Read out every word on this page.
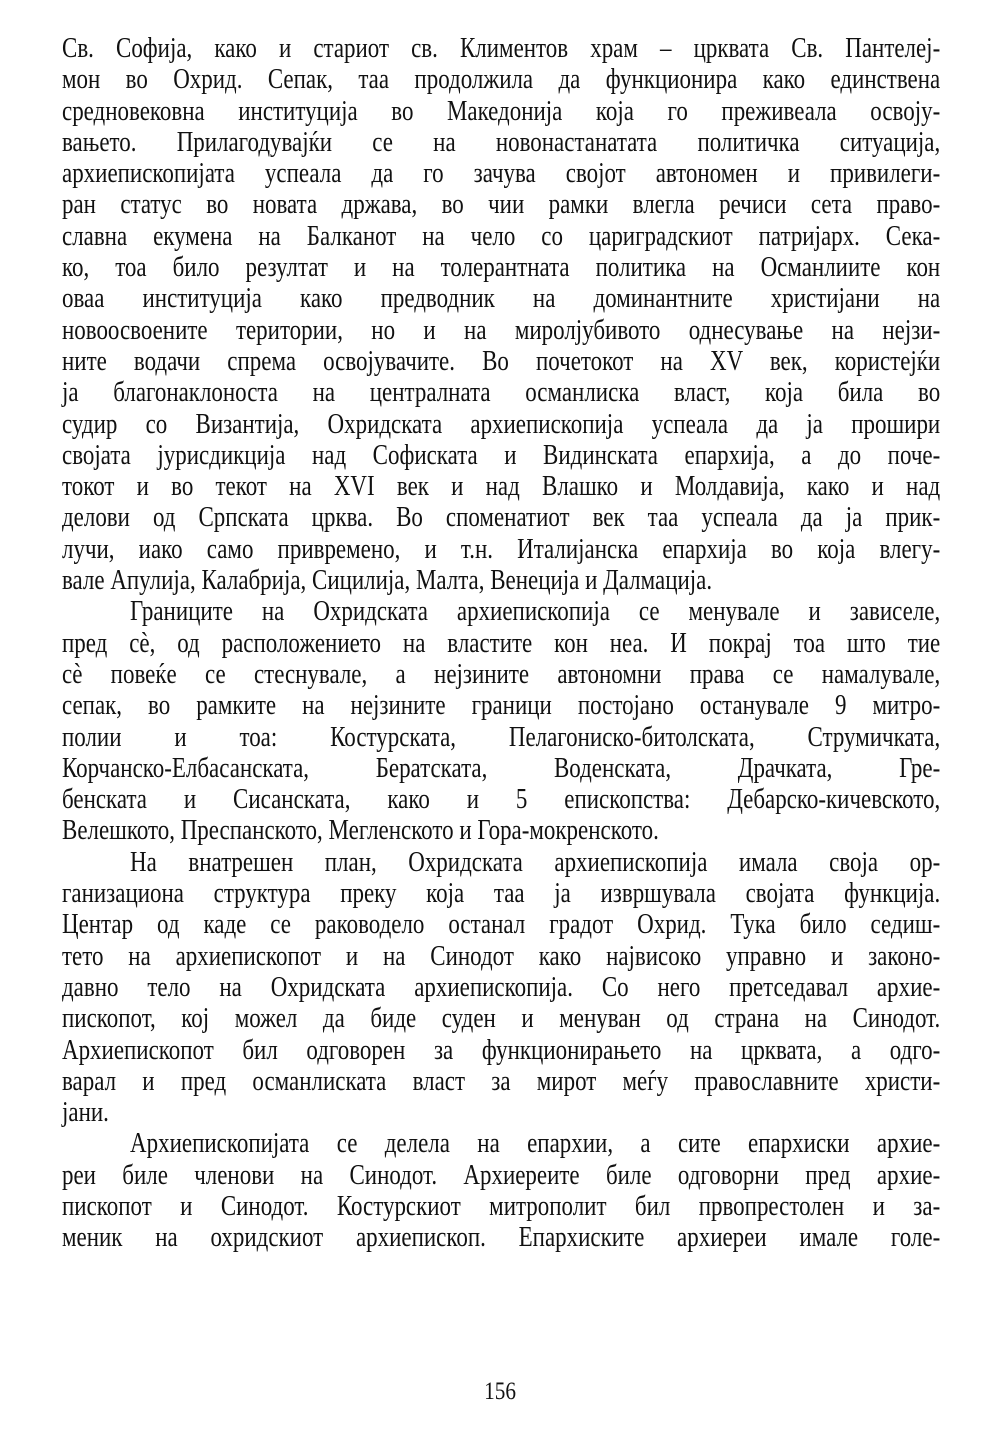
Св. Софија, како и стариот св. Климентов храм – црквата Св. Пантелеј-
мон во Охрид. Сепак, таа продолжила да функционира како единствена
средновековна институција во Македонија која го преживеала освоју-
вањето. Прилагодувајќи се на новонастанатата политичка ситуација,
архиепископијата успеала да го зачува својот автономен и привилеги-
ран статус во новата држава, во чии рамки влегла речиси сета право-
славна екумена на Балканот на чело со цариградскиот патријарх. Сека-
ко, тоа било резултат и на толерантната политика на Османлиите кон
оваа институција како предводник на доминантните христијани на
новоосвоените територии, но и на миролјубивото однесување на нејзи-
ните водачи спрема освојувачите. Во почетокот на XV век, користејќи
ја благонаклоноста на централната османлиска власт, која била во
судир со Византија, Охридската архиепископија успеала да ја прошири
својата јурисдикција над Софиската и Видинската епархија, а до поче-
токот и во текот на XVI век и над Влашко и Молдавија, како и над
делови од Српската црква. Во споменатиот век таа успеала да ја прик-
лучи, иако само привремено, и т.н. Италијанска епархија во која влегу-
вале Апулија, Калабрија, Сицилија, Малта, Венеција и Далмација.
Границите на Охридската архиепископија се менувале и зависеле,
пред сѐ, од расположението на властите кон неа. И покрај тоа што тие
сѐ повеќе се стеснувале, а нејзините автономни права се намалувале,
сепак, во рамките на нејзините граници постојано останувале 9 митро-
полии и тоа: Костурската, Пелагониско-битолската, Струмичката,
Корчанско-Елбасанската, Бератската, Воденската, Драчката, Гре-
бенската и Сисанската, како и 5 епископства: Дебарско-кичевското,
Велешкото, Преспанското, Мегленското и Гора-мокренското.
На внатрешен план, Охридската архиепископија имала своја ор-
ганизациона структура преку која таа ја извршувала својата функција.
Центар од каде се раководело останал градот Охрид. Тука било седиш-
тето на архиепископот и на Синодот како највисоко управно и законо-
давно тело на Охридската архиепископија. Со него претседавал архие-
пископот, кој можел да биде суден и менуван од страна на Синодот.
Архиепископот бил одговорен за функционирањето на црквата, а одго-
варал и пред османлиската власт за мирот меѓу православните христи-
јани.
Архиепископијата се делела на епархии, а сите епархиски архие-
реи биле членови на Синодот. Архиереите биле одговорни пред архие-
пископот и Синодот. Костурскиот митрополит бил првопрестолен и за-
меник на охридскиот архиепископ. Епархиските архиереи имале голе-
156
